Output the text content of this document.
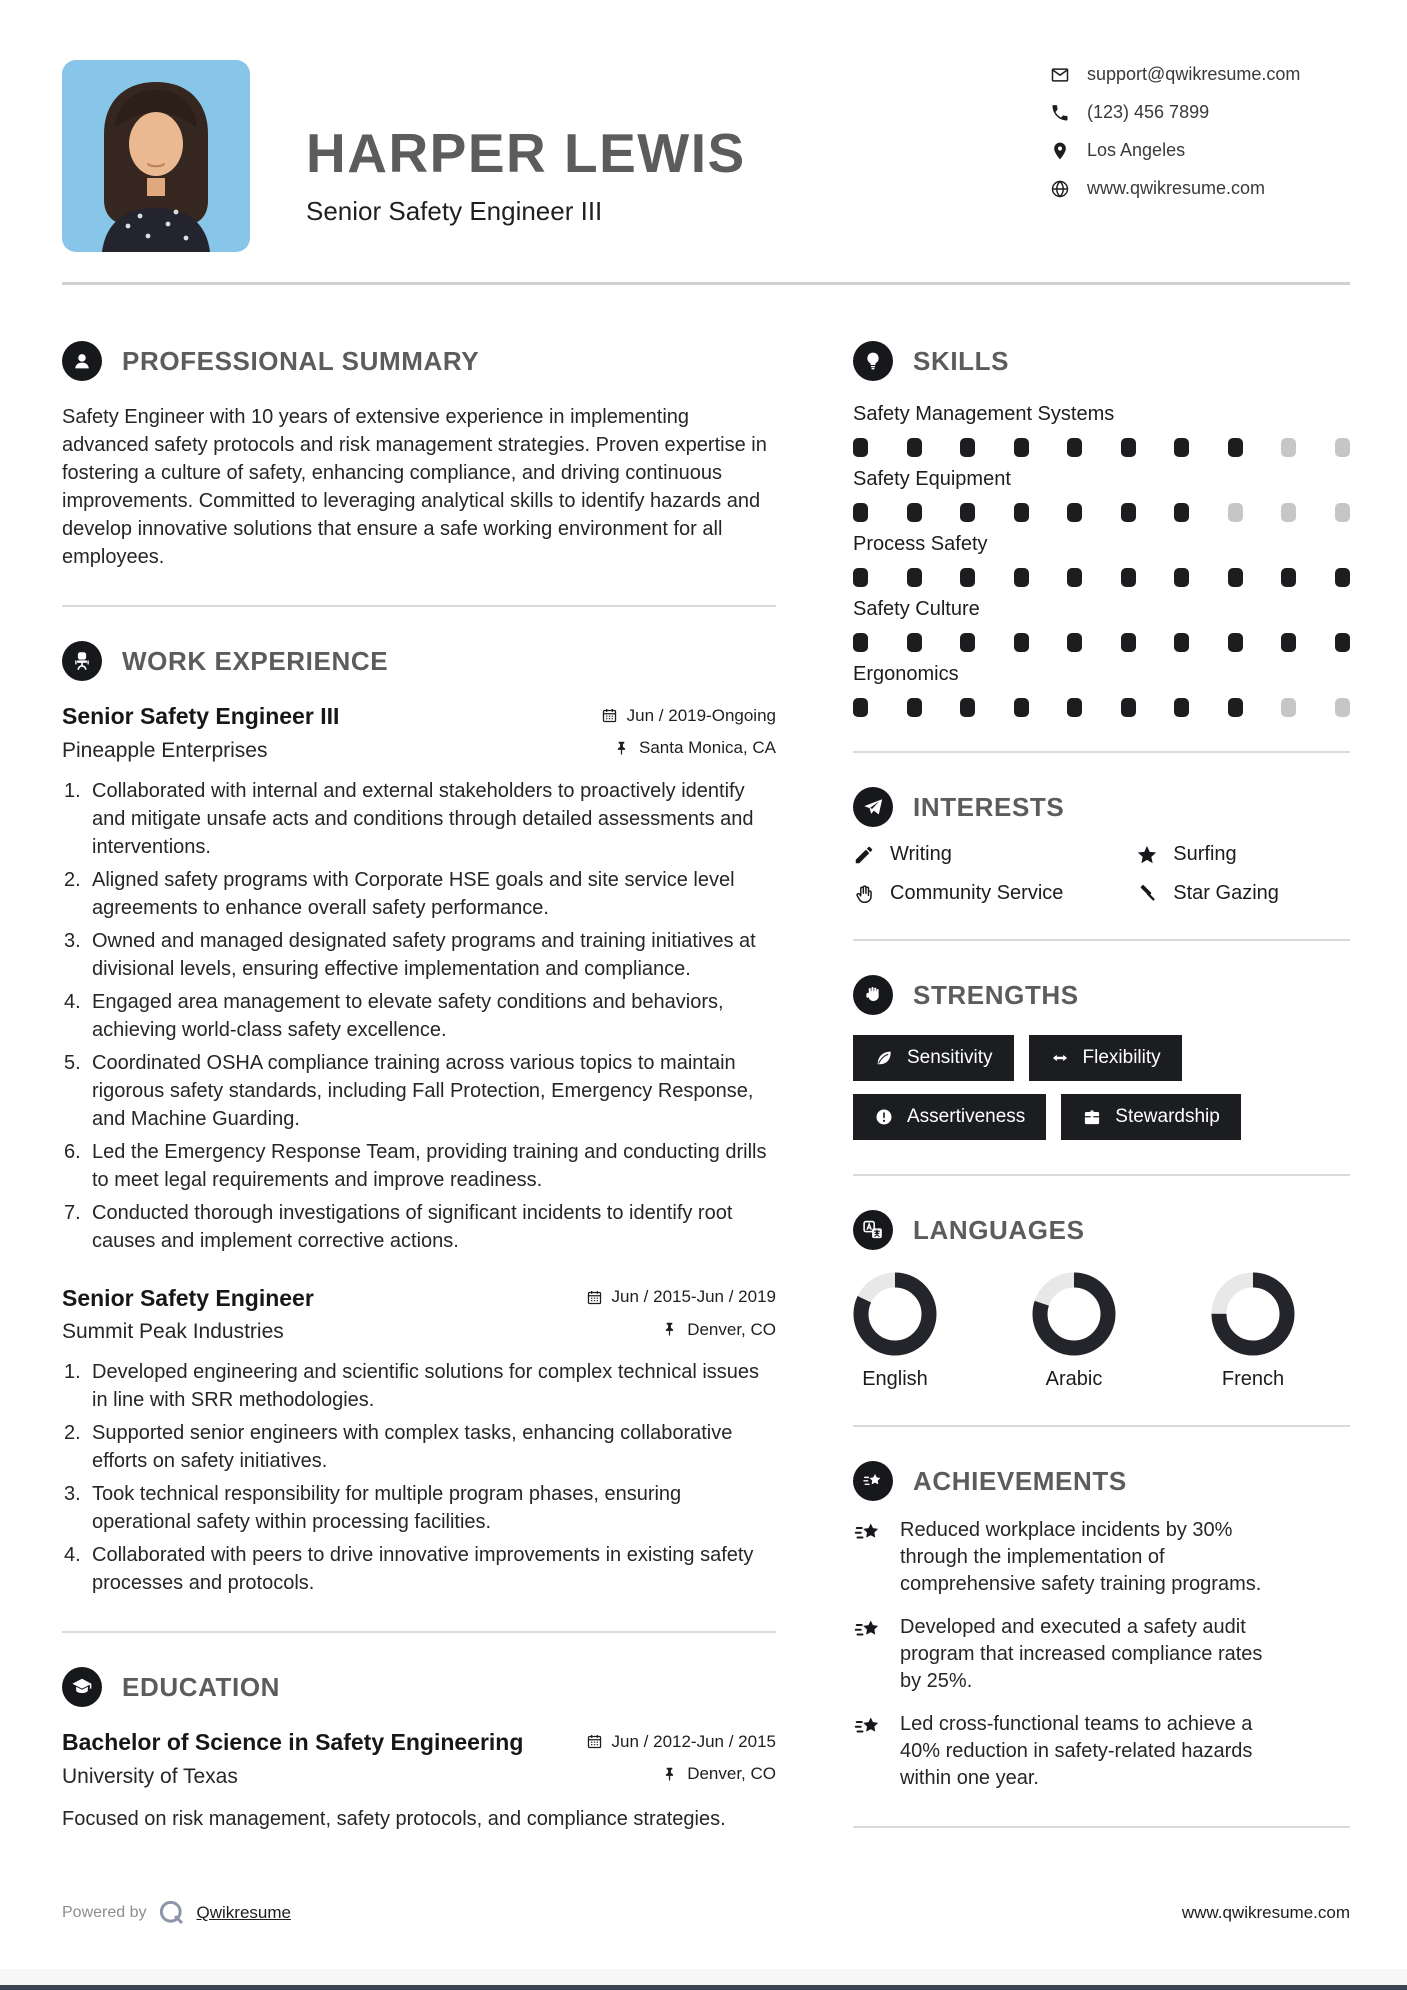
HARPER LEWIS
Senior Safety Engineer III
support@qwikresume.com
(123) 456 7899
Los Angeles
www.qwikresume.com
PROFESSIONAL SUMMARY

Safety Engineer with 10 years of extensive experience in implementing advanced safety protocols and risk management strategies. Proven expertise in fostering a culture of safety, enhancing compliance, and driving continuous improvements. Committed to leveraging analytical skills to identify hazards and develop innovative solutions that ensure a safe working environment for all employees.

WORK EXPERIENCE
Senior Safety Engineer III	Jun / 2019-Ongoing
Pineapple Enterprises	Santa Monica, CA
Collaborated with internal and external stakeholders to proactively identify and mitigate unsafe acts and conditions through detailed assessments and interventions.
Aligned safety programs with Corporate HSE goals and site service level agreements to enhance overall safety performance.
Owned and managed designated safety programs and training initiatives at divisional levels, ensuring effective implementation and compliance.
Engaged area management to elevate safety conditions and behaviors, achieving world-class safety excellence.
Coordinated OSHA compliance training across various topics to maintain rigorous safety standards, including Fall Protection, Emergency Response, and Machine Guarding.
Led the Emergency Response Team, providing training and conducting drills to meet legal requirements and improve readiness.
Conducted thorough investigations of significant incidents to identify root causes and implement corrective actions.
Senior Safety Engineer	Jun / 2015-Jun / 2019
Summit Peak Industries	Denver, CO
Developed engineering and scientific solutions for complex technical issues in line with SRR methodologies.
Supported senior engineers with complex tasks, enhancing collaborative efforts on safety initiatives.
Took technical responsibility for multiple program phases, ensuring operational safety within processing facilities.
Collaborated with peers to drive innovative improvements in existing safety processes and protocols.
EDUCATION
Bachelor of Science in Safety Engineering	Jun / 2012-Jun / 2015
University of Texas	Denver, CO

Focused on risk management, safety protocols, and compliance strategies.

SKILLS
Safety Management Systems
Safety Equipment
Process Safety
Safety Culture
Ergonomics
INTERESTS
Writing	Surfing
Community Service	Star Gazing
STRENGTHS
Sensitivity	Flexibility
Assertiveness	Stewardship
LANGUAGES
English	Arabic	French
ACHIEVEMENTS
Reduced workplace incidents by 30% through the implementation of comprehensive safety training programs.
Developed and executed a safety audit program that increased compliance rates by 25%.
Led cross-functional teams to achieve a 40% reduction in safety-related hazards within one year.
Powered by	Qwikresume	www.qwikresume.com
